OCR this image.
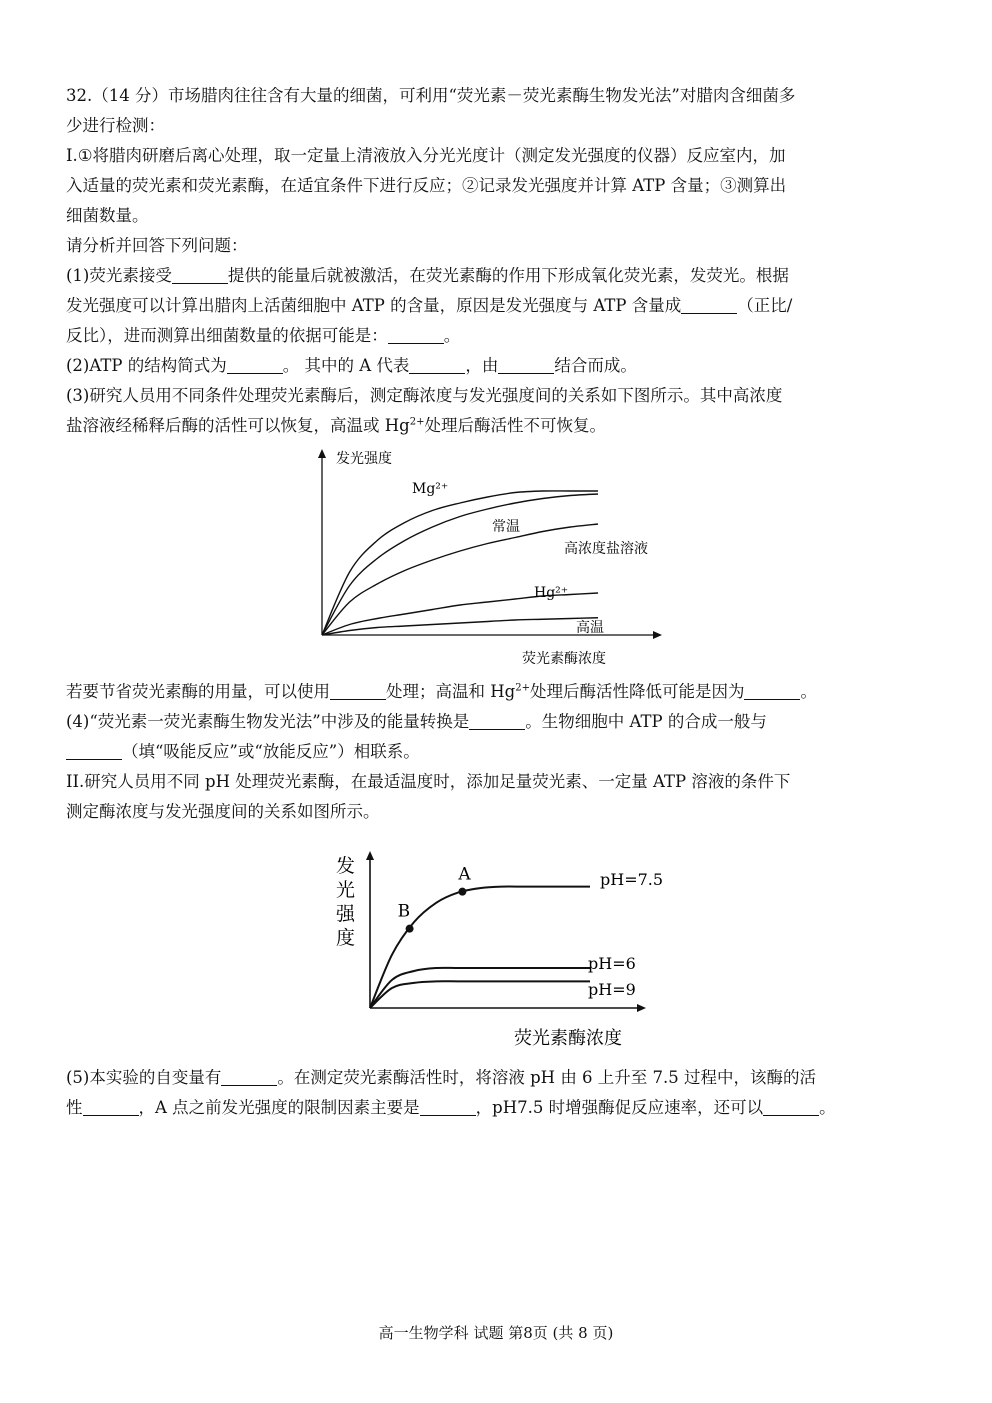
32.（14 分）市场腊肉往往含有大量的细菌，可利用“荧光素－荧光素酶生物发光法”对腊肉含细菌多
少进行检测：
I.①将腊肉研磨后离心处理，取一定量上清液放入分光光度计（测定发光强度的仪器）反应室内，加
入适量的荧光素和荧光素酶，在适宜条件下进行反应；②记录发光强度并计算 ATP 含量；③测算出
细菌数量。
请分析并回答下列问题：
(1)荧光素接受	提供的能量后就被激活，在荧光素酶的作用下形成氧化荧光素，发荧光。根据
发光强度可以计算出腊肉上活菌细胞中 ATP 的含量，原因是发光强度与 ATP 含量成	（正比/
反比），进而测算出细菌数量的依据可能是：	。
(2)ATP 的结构简式为	。 其中的 A 代表	，由	结合而成。
(3)研究人员用不同条件处理荧光素酶后，测定酶浓度与发光强度间的关系如下图所示。其中高浓度
盐溶液经稀释后酶的活性可以恢复，高温或 $Hg^{2+}$处理后酶活性不可恢复。
发光强度
荧光素酶浓度
Mg²⁺
常温
高浓度盐溶液
Hg²⁺
高温
若要节省荧光素酶的用量，可以使用	处理；高温和 $Hg^{2+}$处理后酶活性降低可能是因为	。
(4)“荧光素一荧光素酶生物发光法”中涉及的能量转换是	。生物细胞中 ATP 的合成一般与
（填“吸能反应”或“放能反应”）相联系。
II.研究人员用不同 pH 处理荧光素酶，在最适温度时，添加足量荧光素、一定量 ATP 溶液的条件下
测定酶浓度与发光强度间的关系如图所示。
发
光
强
度
荧光素酶浓度
pH=7.5
pH=6
pH=9
B
A
(5)本实验的自变量有	。在测定荧光素酶活性时，将溶液 pH 由 6 上升至 7.5 过程中，该酶的活
性	，A 点之前发光强度的限制因素主要是	，pH7.5 时增强酶促反应速率，还可以	。
高一生物学科 试题 第8页 (共 8 页)
